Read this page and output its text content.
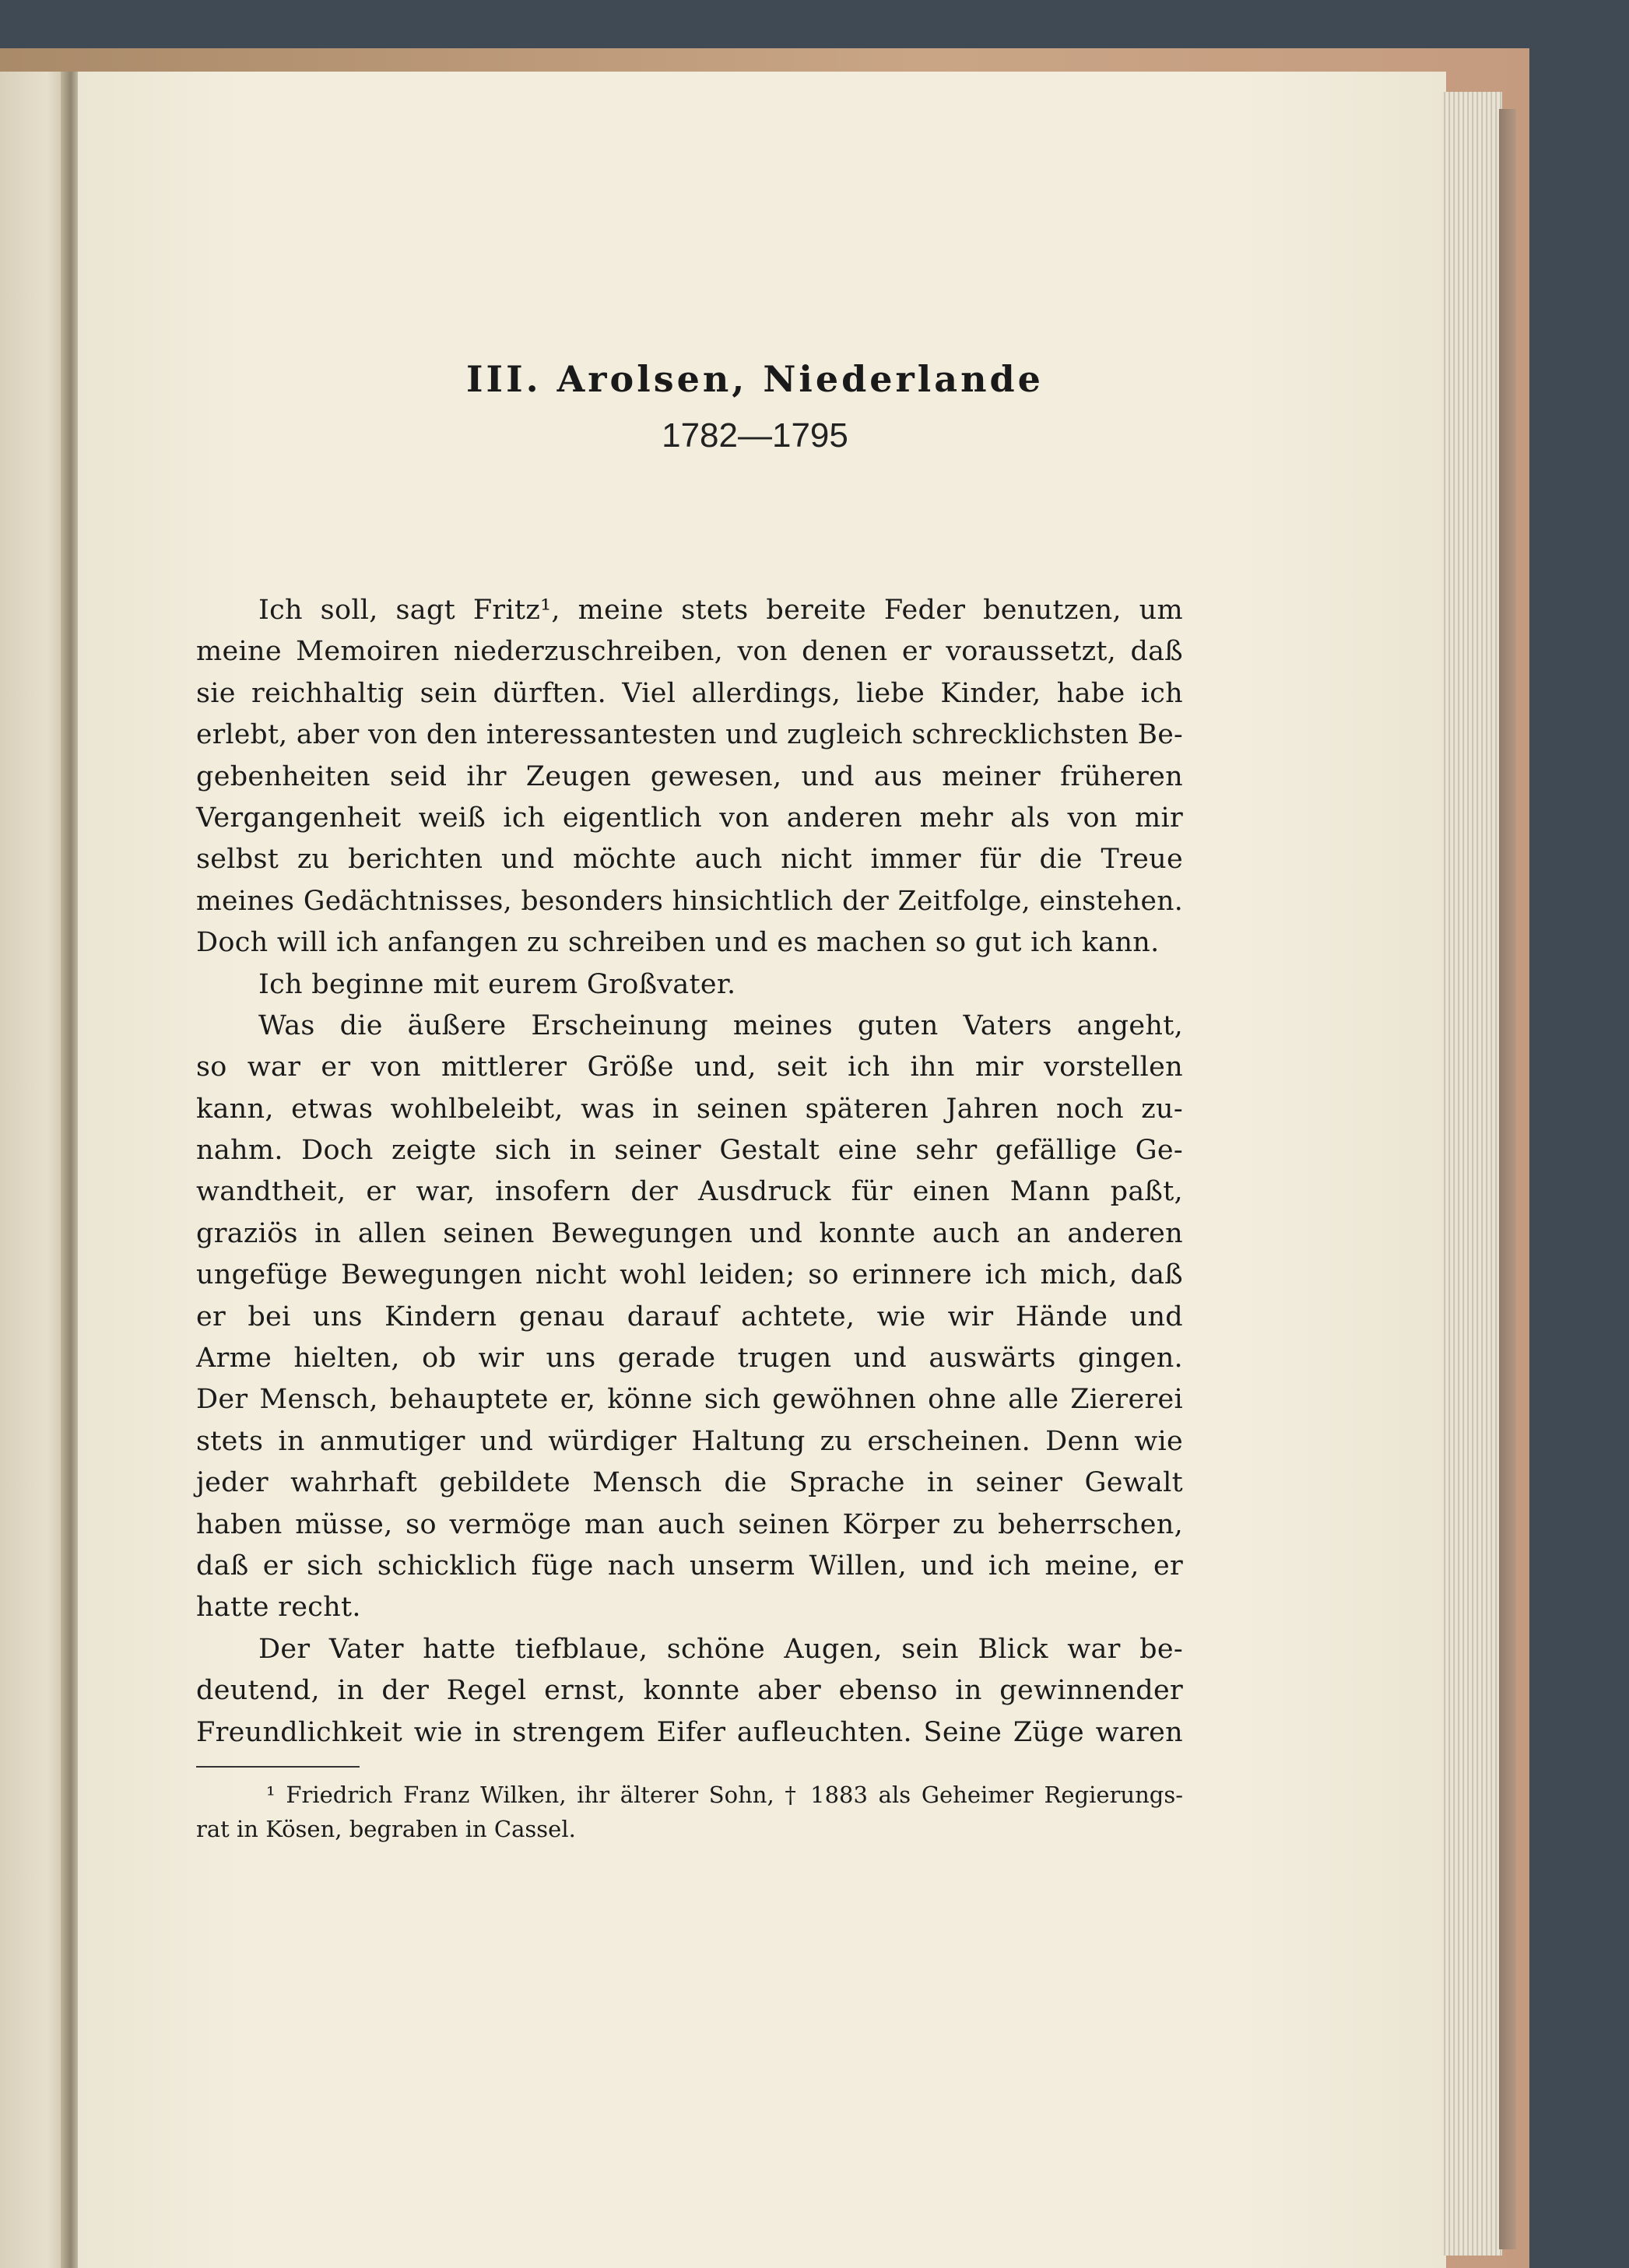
III. Arolsen, Niederlande
1782—1795
Ich soll, sagt Fritz¹, meine stets bereite Feder benutzen, um
meine Memoiren niederzuschreiben, von denen er voraussetzt, daß
sie reichhaltig sein dürften. Viel allerdings, liebe Kinder, habe ich
erlebt, aber von den interessantesten und zugleich schrecklichsten Be-
gebenheiten seid ihr Zeugen gewesen, und aus meiner früheren
Vergangenheit weiß ich eigentlich von anderen mehr als von mir
selbst zu berichten und möchte auch nicht immer für die Treue
meines Gedächtnisses, besonders hinsichtlich der Zeitfolge, einstehen.
Doch will ich anfangen zu schreiben und es machen so gut ich kann.
Ich beginne mit eurem Großvater.
Was die äußere Erscheinung meines guten Vaters angeht,
so war er von mittlerer Größe und, seit ich ihn mir vorstellen
kann, etwas wohlbeleibt, was in seinen späteren Jahren noch zu-
nahm. Doch zeigte sich in seiner Gestalt eine sehr gefällige Ge-
wandtheit, er war, insofern der Ausdruck für einen Mann paßt,
graziös in allen seinen Bewegungen und konnte auch an anderen
ungefüge Bewegungen nicht wohl leiden; so erinnere ich mich, daß
er bei uns Kindern genau darauf achtete, wie wir Hände und
Arme hielten, ob wir uns gerade trugen und auswärts gingen.
Der Mensch, behauptete er, könne sich gewöhnen ohne alle Ziererei
stets in anmutiger und würdiger Haltung zu erscheinen. Denn wie
jeder wahrhaft gebildete Mensch die Sprache in seiner Gewalt
haben müsse, so vermöge man auch seinen Körper zu beherrschen,
daß er sich schicklich füge nach unserm Willen, und ich meine, er
hatte recht.
Der Vater hatte tiefblaue, schöne Augen, sein Blick war be-
deutend, in der Regel ernst, konnte aber ebenso in gewinnender
Freundlichkeit wie in strengem Eifer aufleuchten. Seine Züge waren
¹ Friedrich Franz Wilken, ihr älterer Sohn, † 1883 als Geheimer Regierungs-
rat in Kösen, begraben in Cassel.
